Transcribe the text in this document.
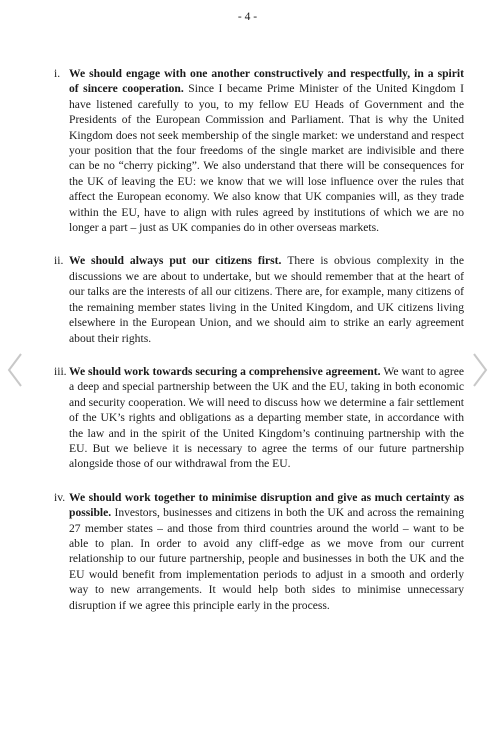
- 4 -
i. We should engage with one another constructively and respectfully, in a spirit of sincere cooperation. Since I became Prime Minister of the United Kingdom I have listened carefully to you, to my fellow EU Heads of Government and the Presidents of the European Commission and Parliament. That is why the United Kingdom does not seek membership of the single market: we understand and respect your position that the four freedoms of the single market are indivisible and there can be no “cherry picking”. We also understand that there will be consequences for the UK of leaving the EU: we know that we will lose influence over the rules that affect the European economy. We also know that UK companies will, as they trade within the EU, have to align with rules agreed by institutions of which we are no longer a part – just as UK companies do in other overseas markets.
ii. We should always put our citizens first. There is obvious complexity in the discussions we are about to undertake, but we should remember that at the heart of our talks are the interests of all our citizens. There are, for example, many citizens of the remaining member states living in the United Kingdom, and UK citizens living elsewhere in the European Union, and we should aim to strike an early agreement about their rights.
iii. We should work towards securing a comprehensive agreement. We want to agree a deep and special partnership between the UK and the EU, taking in both economic and security cooperation. We will need to discuss how we determine a fair settlement of the UK’s rights and obligations as a departing member state, in accordance with the law and in the spirit of the United Kingdom’s continuing partnership with the EU. But we believe it is necessary to agree the terms of our future partnership alongside those of our withdrawal from the EU.
iv. We should work together to minimise disruption and give as much certainty as possible. Investors, businesses and citizens in both the UK and across the remaining 27 member states – and those from third countries around the world – want to be able to plan. In order to avoid any cliff-edge as we move from our current relationship to our future partnership, people and businesses in both the UK and the EU would benefit from implementation periods to adjust in a smooth and orderly way to new arrangements. It would help both sides to minimise unnecessary disruption if we agree this principle early in the process.
